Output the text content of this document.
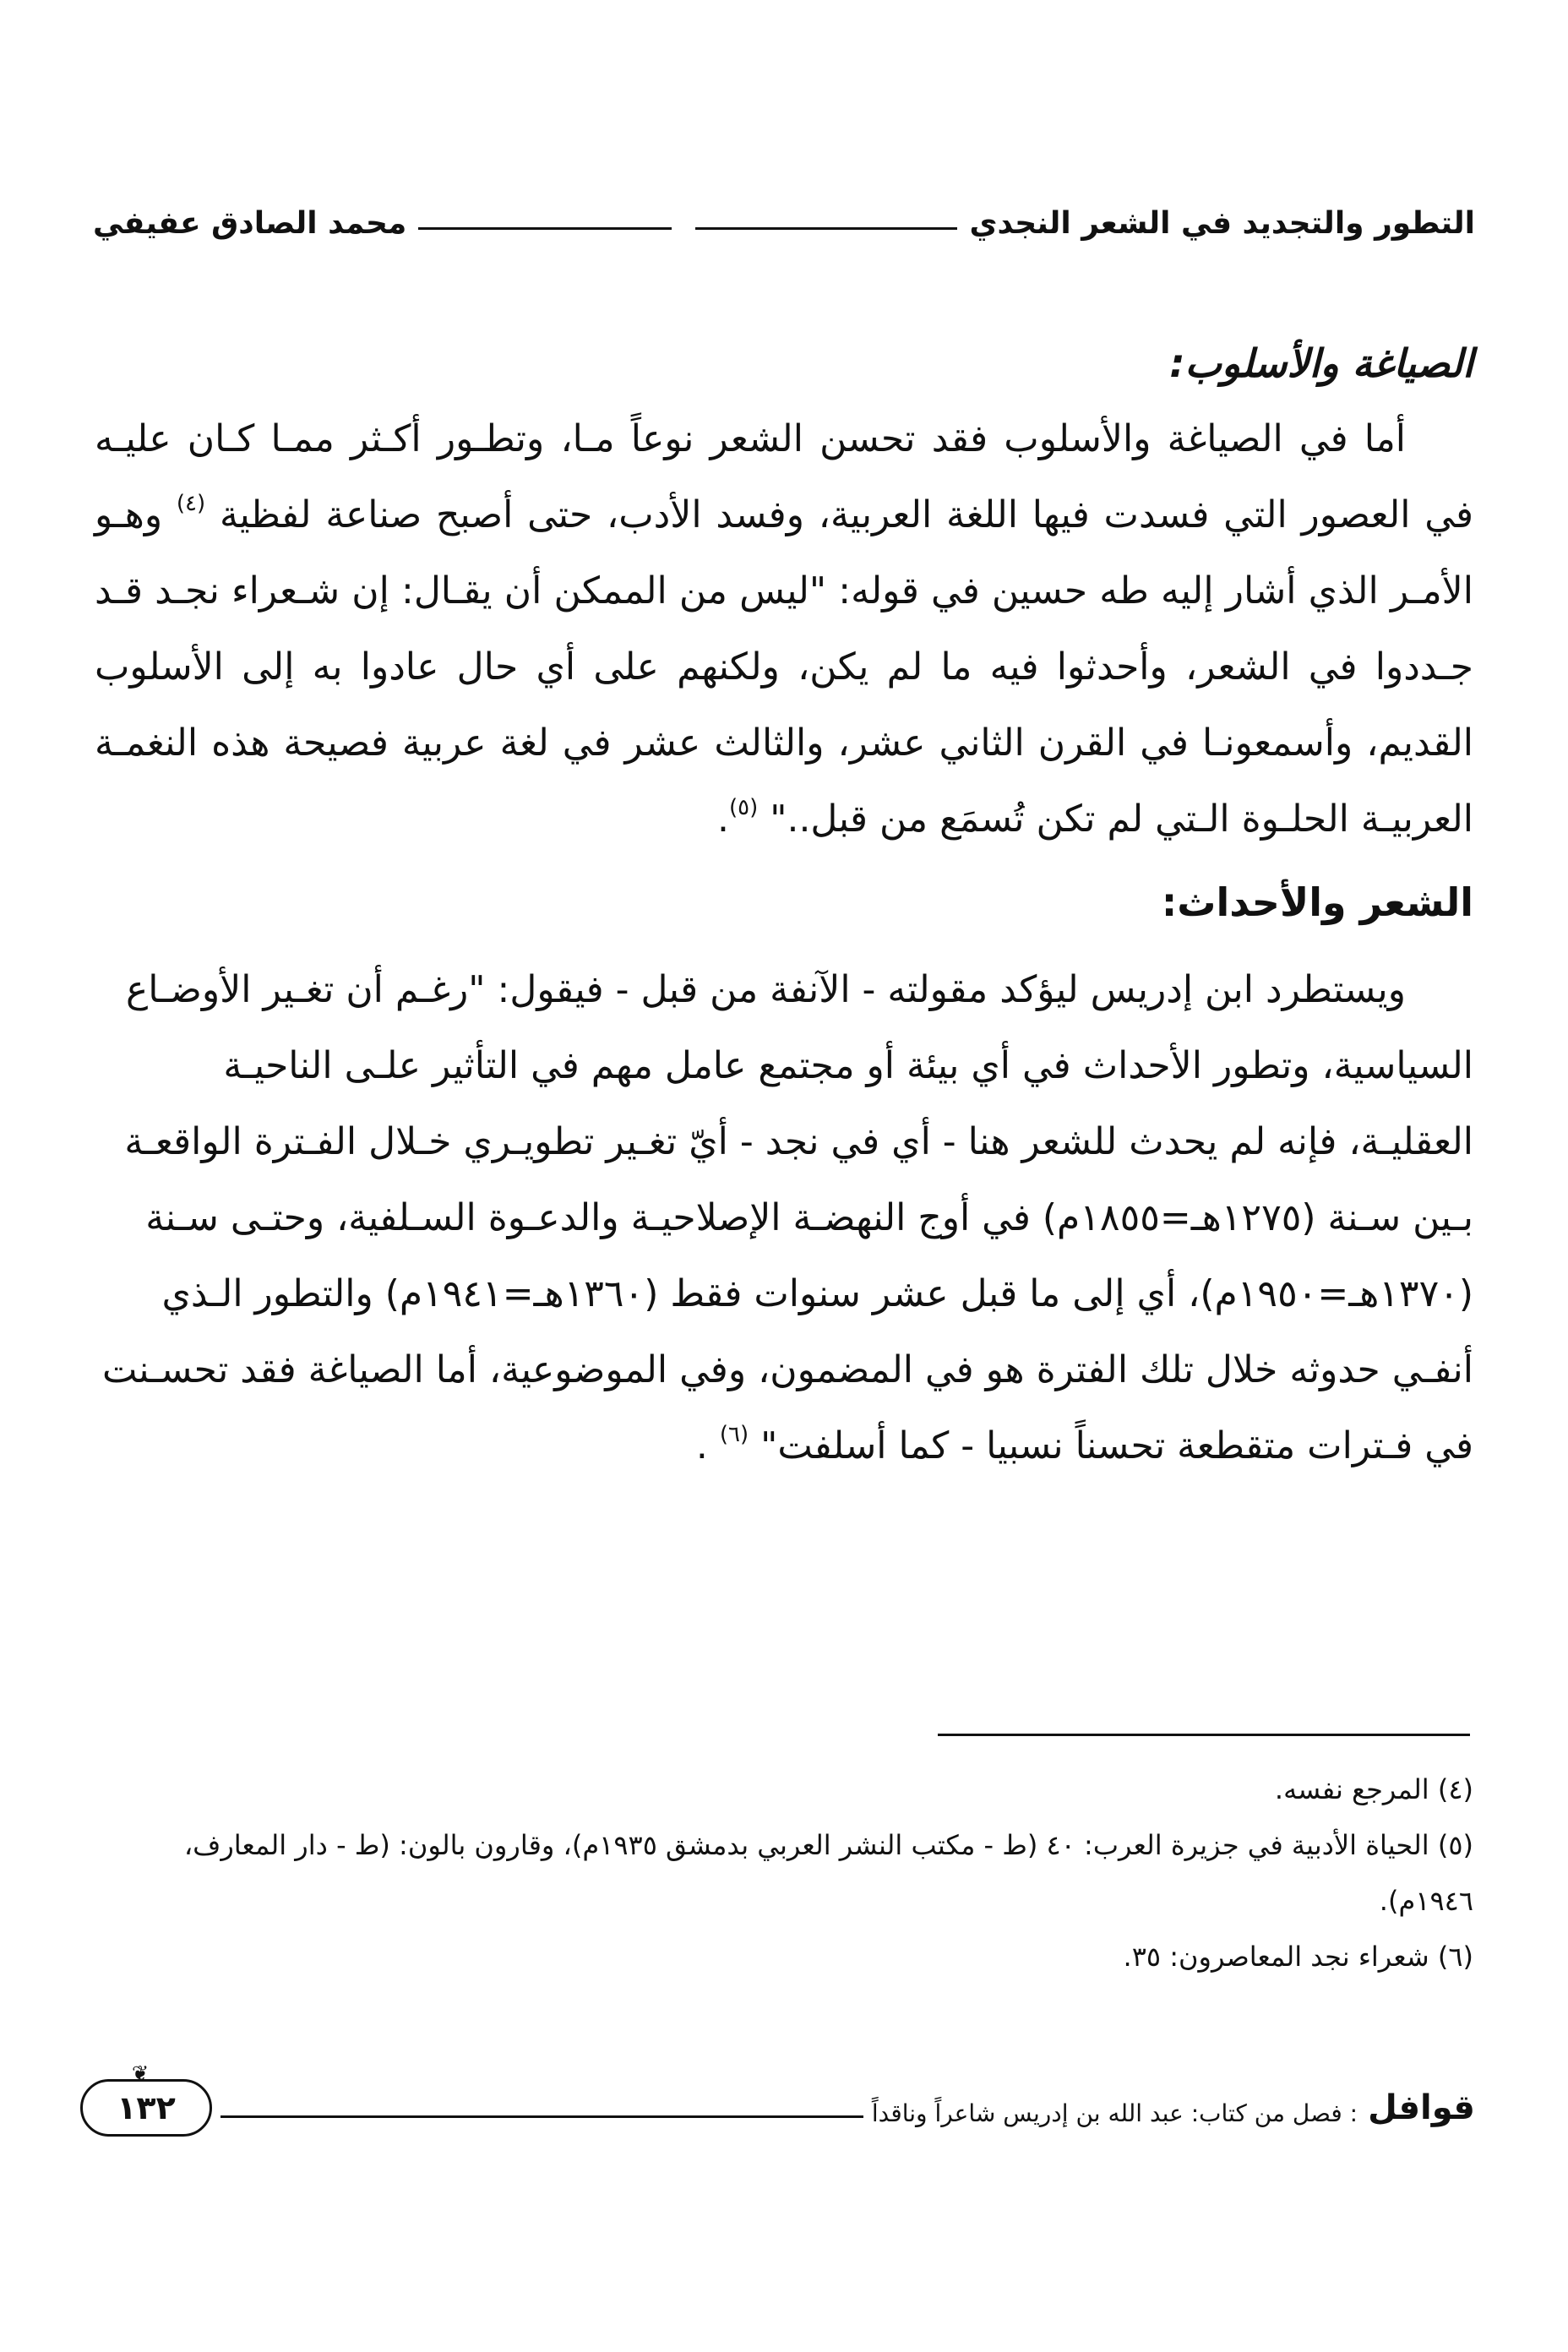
محمد الصادق عفيفي	التطور والتجديد في الشعر النجدي
الصياغة والأسلوب:

أما في الصياغة والأسلوب فقد تحسن الشعر نوعاً مـا، وتطـور أكـثر ممـا كـان عليـه في العصور التي فسدت فيها اللغة العربية، وفسد الأدب، حتى أصبح صناعة لفظية $^{(٤)}$ وهـو الأمـر الذي أشار إليه طه حسين في قوله: "ليس من الممكن أن يقـال: إن شـعراء نجـد قـد جـددوا في الشعر، وأحدثوا فيه ما لم يكن، ولكنهم على أي حال عادوا به إلى الأسلوب القديم، وأسمعونـا في القرن الثاني عشر، والثالث عشر في لغة عربية فصيحة هذه النغمـة العربيـة الحلـوة الـتي لم تكن تُسمَع من قبل.." $^{(٥)}$.

الشعر والأحداث:

ويستطرد ابن إدريس ليؤكد مقولته - الآنفة من قبل - فيقول: "رغـم أن تغـير الأوضـاع السياسية، وتطور الأحداث في أي بيئة أو مجتمع عامل مهم في التأثير علـى الناحيـة العقليـة، فإنه لم يحدث للشعر هنا - أي في نجد - أيّ تغـير تطويـري خـلال الفـترة الواقعـة بـين سـنة (١٢٧٥هـ=١٨٥٥م) في أوج النهضـة الإصلاحيـة والدعـوة السـلفية، وحتـى سـنة (١٣٧٠هـ=١٩٥٠م)، أي إلى ما قبل عشر سنوات فقط (١٣٦٠هـ=١٩٤١م) والتطور الـذي أنفـي حدوثه خلال تلك الفترة هو في المضمون، وفي الموضوعية، أما الصياغة فقد تحسـنت في فـترات متقطعة تحسناً نسبيا - كما أسلفت" $^{(٦)}$ .

(٤) المرجع نفسه.

(٥) الحياة الأدبية في جزيرة العرب: ٤٠ (ط - مكتب النشر العربي بدمشق ١٩٣٥م)، وقارون بالون: (ط - دار المعارف، ١٩٤٦م).

(٦) شعراء نجد المعاصرون: ٣٥.

❦
١٣٢	: فصل من كتاب: عبد الله بن إدريس شاعراً وناقداً قوافل
